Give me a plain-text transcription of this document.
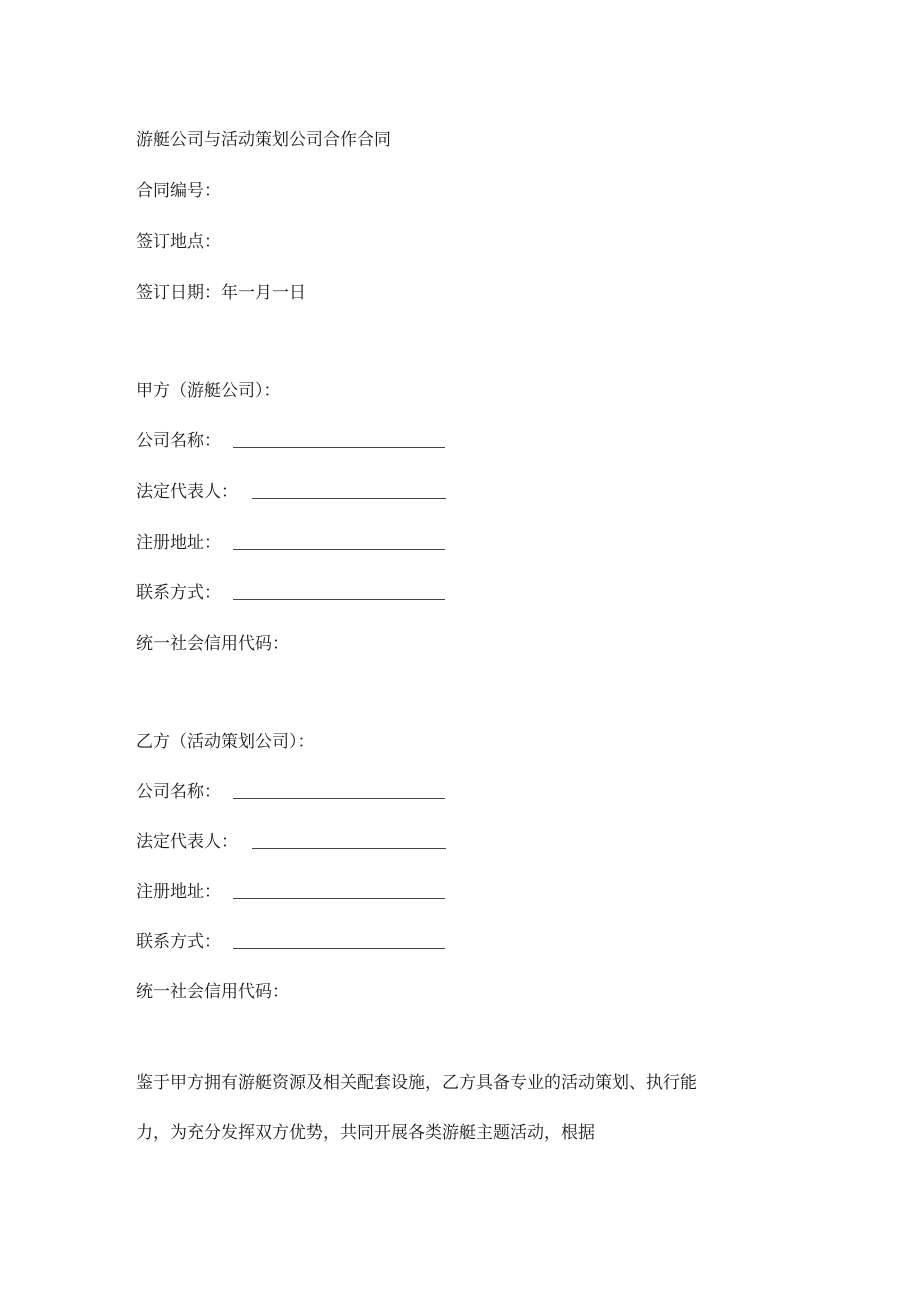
游艇公司与活动策划公司合作合同
合同编号：
签订地点：
签订日期：年一月一日
甲方（游艇公司）：
公司名称：
法定代表人：
注册地址：
联系方式：
统一社会信用代码：
乙方（活动策划公司）：
公司名称：
法定代表人：
注册地址：
联系方式：
统一社会信用代码：
鉴于甲方拥有游艇资源及相关配套设施，乙方具备专业的活动策划、执行能
力，为充分发挥双方优势，共同开展各类游艇主题活动，根据
